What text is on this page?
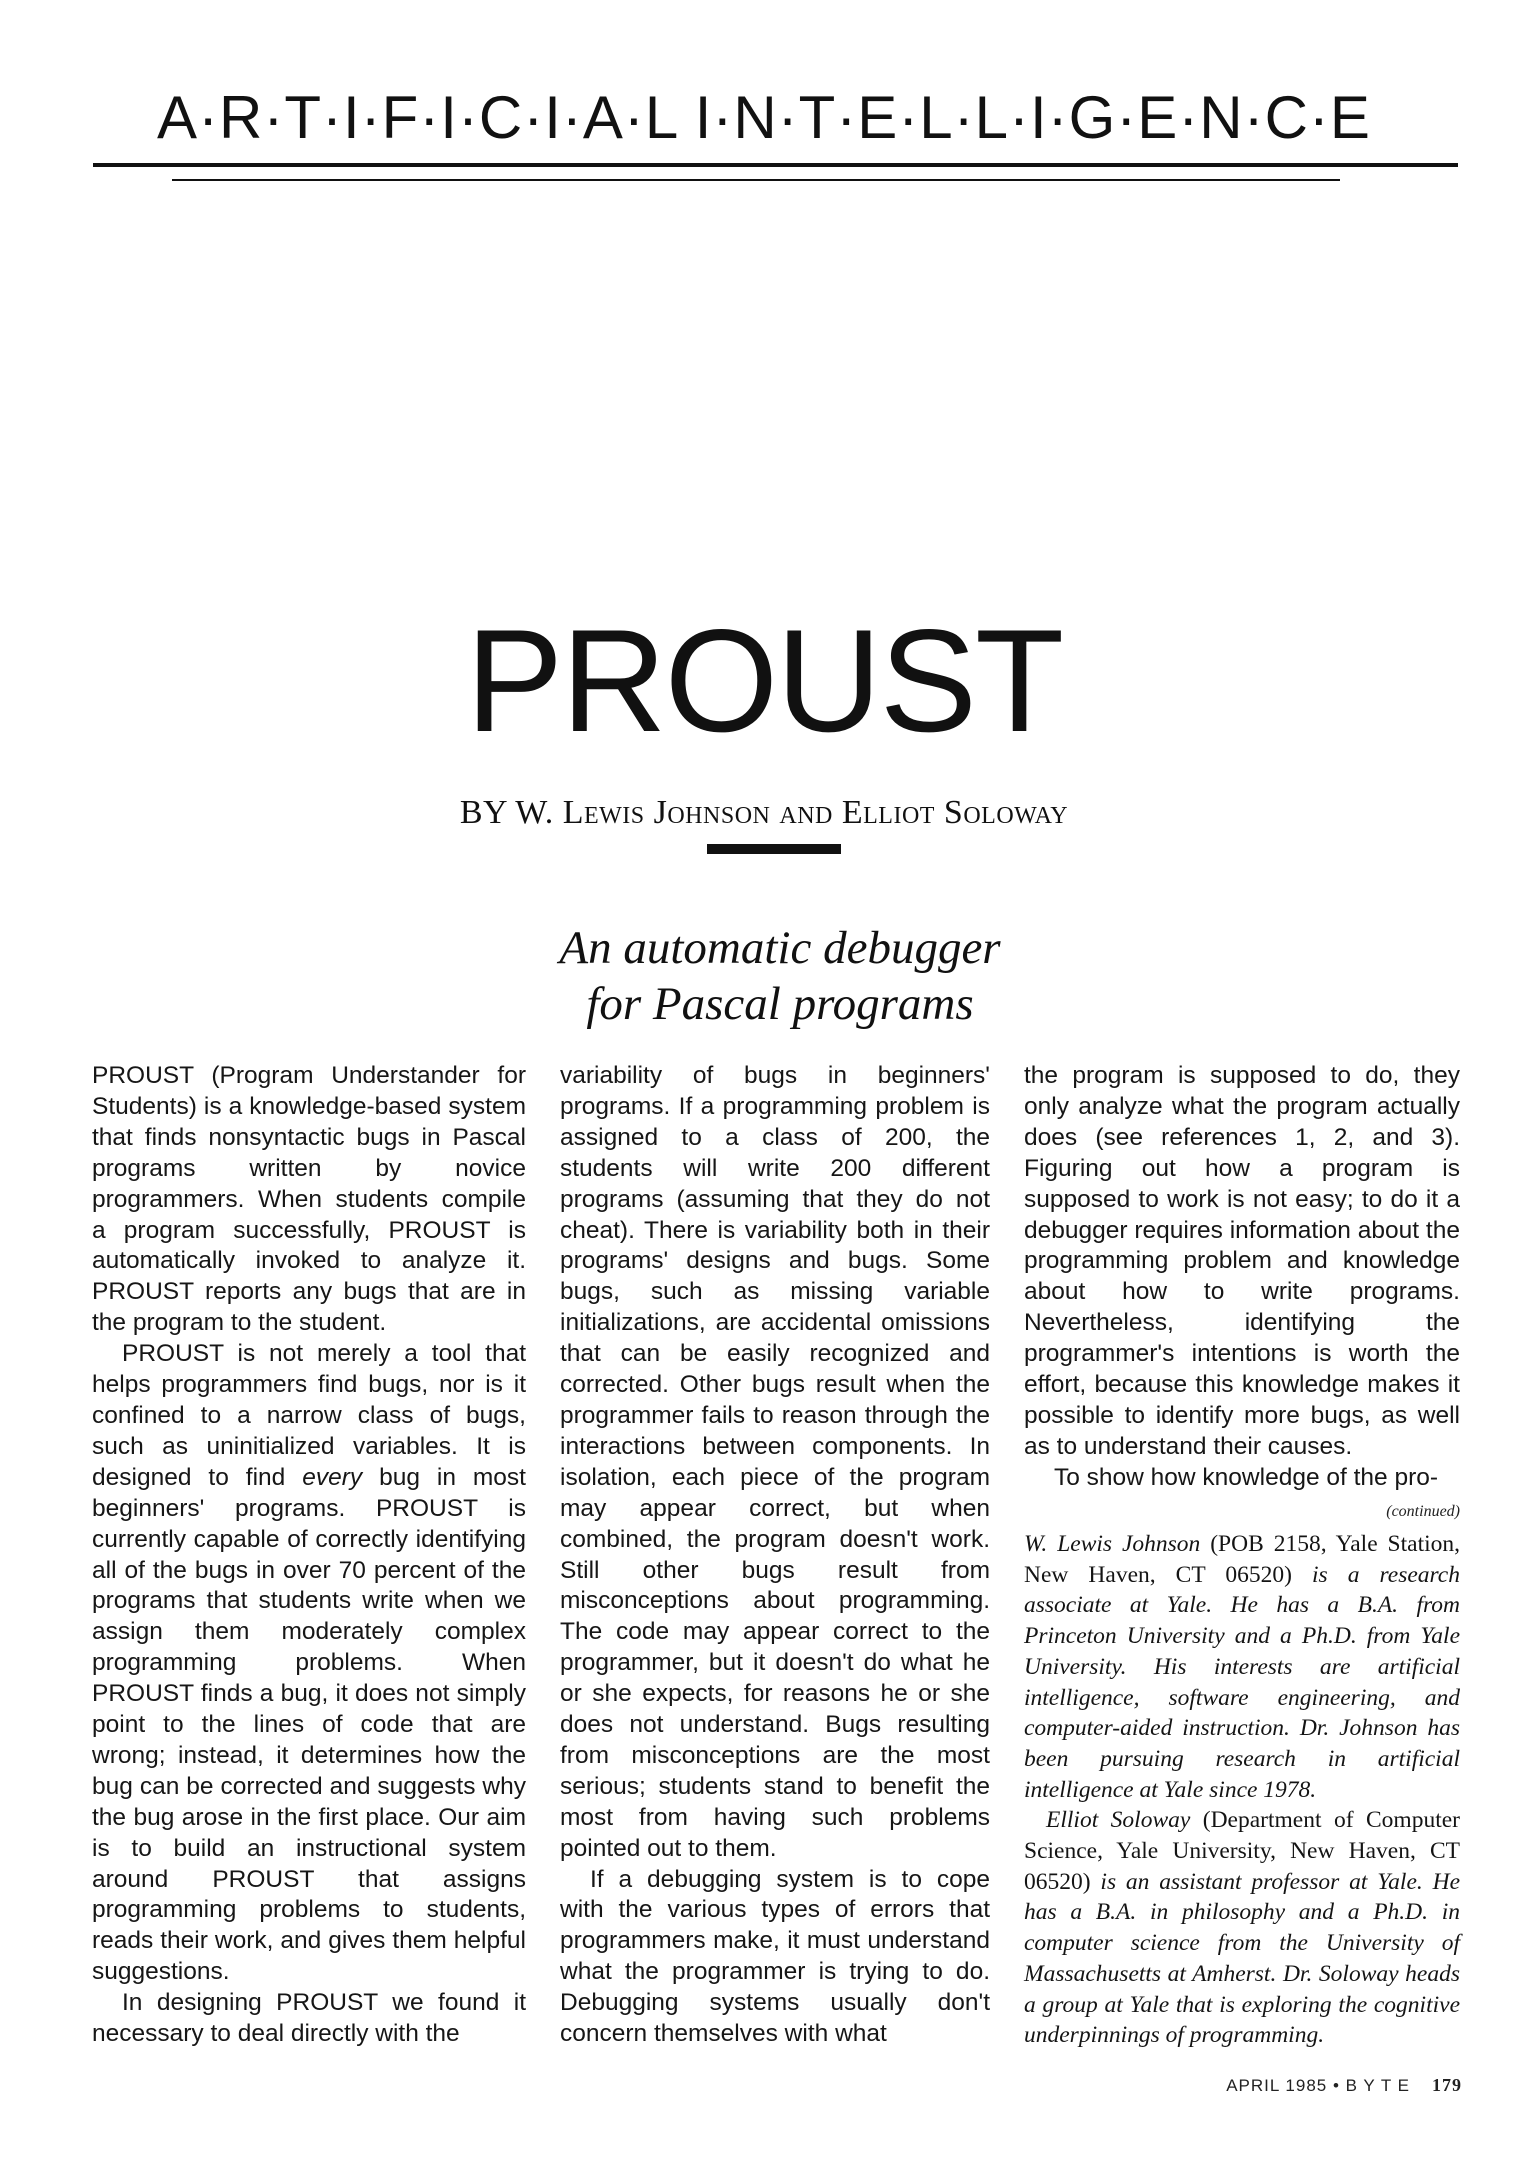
A·R·T·I·F·I·C·I·A·L I·N·T·E·L·L·I·G·E·N·C·E
PROUST
BY W. Lewis Johnson and Elliot Soloway
An automatic debugger
for Pascal programs

PROUST (Program Understander for Students) is a knowledge-based system that finds nonsyntactic bugs in Pascal programs written by novice programmers. When students compile a program successfully, PROUST is automatically invoked to analyze it. PROUST reports any bugs that are in the program to the student.

PROUST is not merely a tool that helps programmers find bugs, nor is it confined to a narrow class of bugs, such as uninitialized variables. It is designed to find every bug in most beginners' programs. PROUST is currently capable of correctly identifying all of the bugs in over 70 percent of the programs that students write when we assign them moderately complex programming problems. When PROUST finds a bug, it does not simply point to the lines of code that are wrong; instead, it determines how the bug can be corrected and suggests why the bug arose in the first place. Our aim is to build an instructional system around PROUST that assigns programming problems to students, reads their work, and gives them helpful suggestions.

In designing PROUST we found it necessary to deal directly with the

variability of bugs in beginners' programs. If a programming problem is assigned to a class of 200, the students will write 200 different programs (assuming that they do not cheat). There is variability both in their programs' designs and bugs. Some bugs, such as missing variable initializations, are accidental omissions that can be easily recognized and corrected. Other bugs result when the programmer fails to reason through the interactions between components. In isolation, each piece of the program may appear correct, but when combined, the program doesn't work. Still other bugs result from misconceptions about programming. The code may appear correct to the programmer, but it doesn't do what he or she expects, for reasons he or she does not understand. Bugs resulting from misconceptions are the most serious; students stand to benefit the most from having such problems pointed out to them.

If a debugging system is to cope with the various types of errors that programmers make, it must understand what the programmer is trying to do. Debugging systems usually don't concern themselves with what

the program is supposed to do, they only analyze what the program actually does (see references 1, 2, and 3). Figuring out how a program is supposed to work is not easy; to do it a debugger requires information about the programming problem and knowledge about how to write programs. Nevertheless, identifying the programmer's intentions is worth the effort, because this knowledge makes it possible to identify more bugs, as well as to understand their causes.

To show how knowledge of the pro-

(continued)

W. Lewis Johnson (POB 2158, Yale Station, New Haven, CT 06520) is a research associate at Yale. He has a B.A. from Princeton University and a Ph.D. from Yale University. His interests are artificial intelligence, software engineering, and computer-aided instruction. Dr. Johnson has been pursuing research in artificial intelligence at Yale since 1978.

Elliot Soloway (Department of Computer Science, Yale University, New Haven, CT 06520) is an assistant professor at Yale. He has a B.A. in philosophy and a Ph.D. in computer science from the University of Massachusetts at Amherst. Dr. Soloway heads a group at Yale that is exploring the cognitive underpinnings of programming.

APRIL 1985 • B Y T E 179
